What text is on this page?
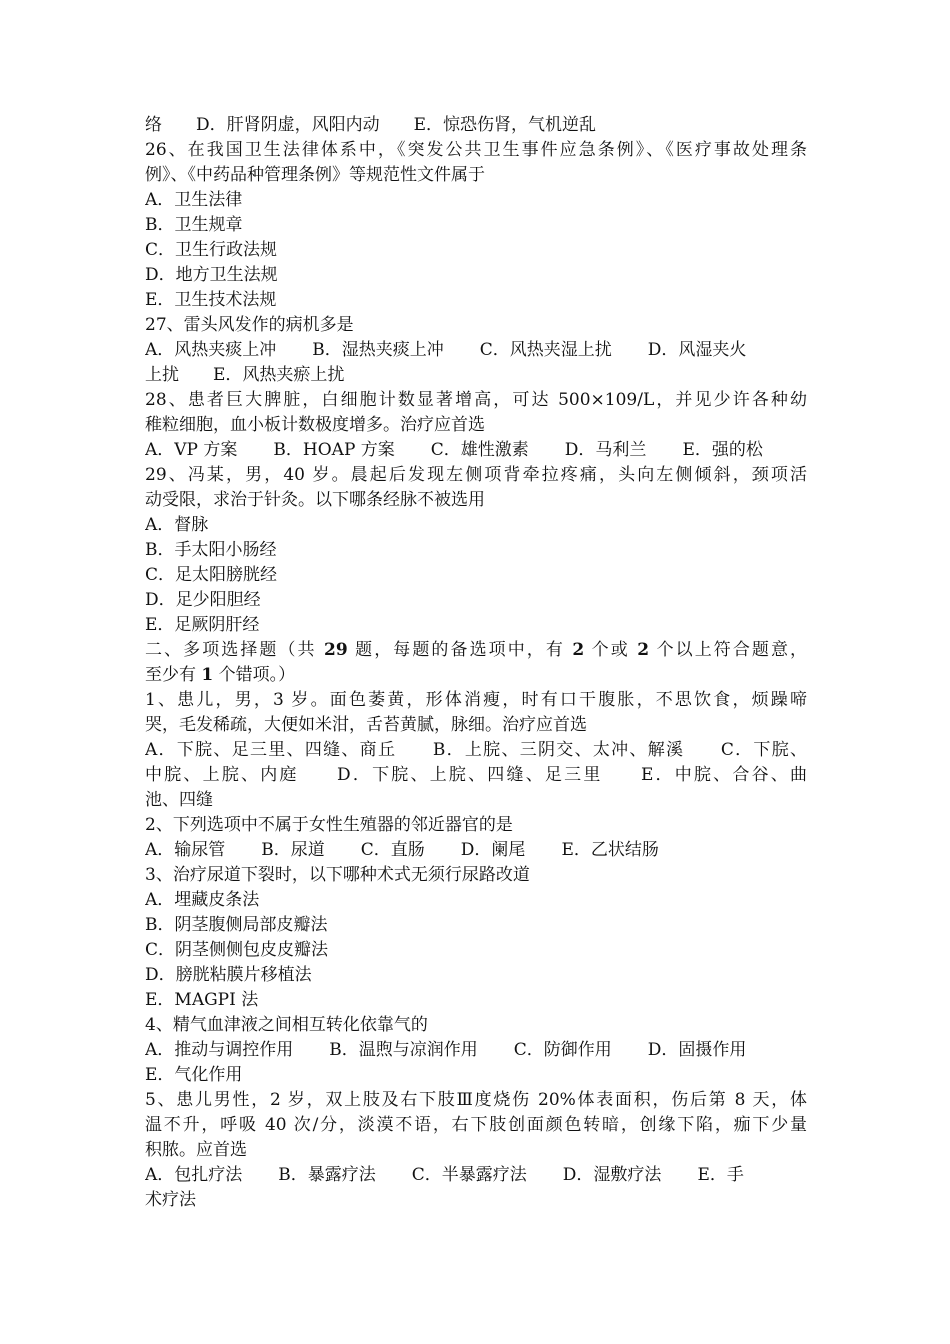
络　　D．肝肾阴虚，风阳内动　　E．惊恐伤肾，气机逆乱
26、在我国卫生法律体系中，《突发公共卫生事件应急条例》、《医疗事故处理条
例》、《中药品种管理条例》等规范性文件属于
A．卫生法律
B．卫生规章
C．卫生行政法规
D．地方卫生法规
E．卫生技术法规
27、雷头风发作的病机多是
A．风热夹痰上冲 B．湿热夹痰上冲 C．风热夹湿上扰 D．风湿夹火
上扰　　E．风热夹瘀上扰
28、患者巨大脾脏，白细胞计数显著增高，可达 500×109/L，并见少许各种幼
稚粒细胞，血小板计数极度增多。治疗应首选
A．VP 方案 B．HOAP 方案 C．雄性激素 D．马利兰 E．强的松
29、冯某，男，40 岁。晨起后发现左侧项背牵拉疼痛，头向左侧倾斜，颈项活
动受限，求治于针灸。以下哪条经脉不被选用
A．督脉
B．手太阳小肠经
C．足太阳膀胱经
D．足少阳胆经
E．足厥阴肝经
二、多项选择题（共 29 题，每题的备选项中，有 2 个或 2 个以上符合题意，
至少有 1 个错项。）
1、患儿，男，3 岁。面色萎黄，形体消瘦，时有口干腹胀，不思饮食，烦躁啼
哭，毛发稀疏，大便如米泔，舌苔黄腻，脉细。治疗应首选
A．下脘、足三里、四缝、商丘　　B．上脘、三阴交、太冲、解溪　　C．下脘、
中脘、上脘、内庭　　D．下脘、上脘、四缝、足三里　　E．中脘、合谷、曲
池、四缝
2、下列选项中不属于女性生殖器的邻近器官的是
A．输尿管 B．尿道 C．直肠 D．阑尾 E．乙状结肠
3、治疗尿道下裂时，以下哪种术式无须行尿路改道
A．埋藏皮条法
B．阴茎腹侧局部皮瓣法
C．阴茎侧侧包皮皮瓣法
D．膀胱粘膜片移植法
E．MAGPI 法
4、精气血津液之间相互转化依靠气的
A．推动与调控作用 B．温煦与凉润作用 C．防御作用 D．固摄作用
E．气化作用
5、患儿男性，2 岁，双上肢及右下肢Ⅲ度烧伤 20%体表面积，伤后第 8 天，体
温不升，呼吸 40 次/分，淡漠不语，右下肢创面颜色转暗，创缘下陷，痂下少量
积脓。应首选
A．包扎疗法 B．暴露疗法 C．半暴露疗法 D．湿敷疗法 E．手
术疗法
